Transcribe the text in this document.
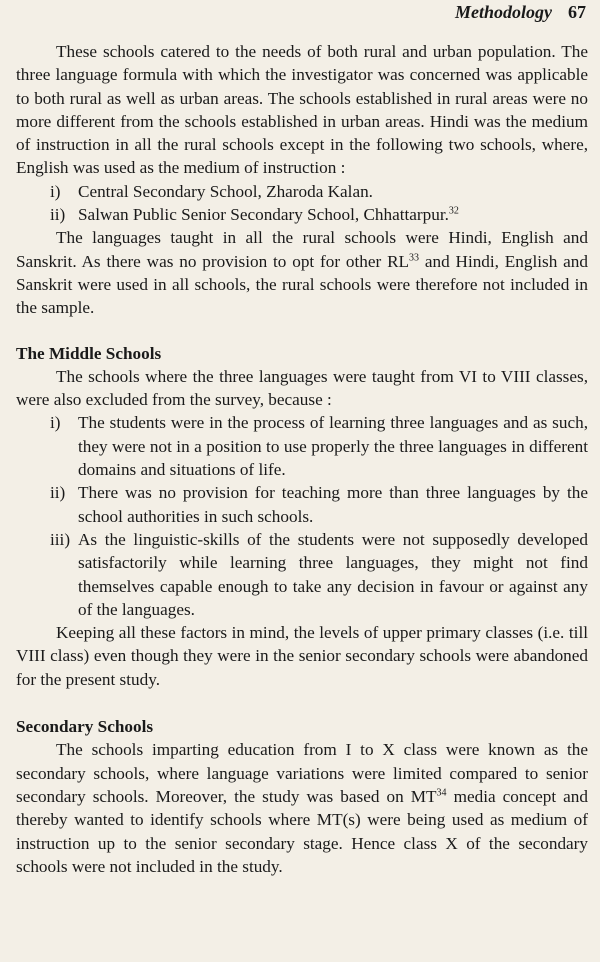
Methodology 67

These schools catered to the needs of both rural and urban population. The three language formula with which the investigator was concerned was applicable to both rural as well as urban areas. The schools established in rural areas were no more different from the schools established in urban areas. Hindi was the medium of instruction in all the rural schools except in the following two schools, where, English was used as the medium of instruction :

i) Central Secondary School, Zharoda Kalan.
ii) Salwan Public Senior Secondary School, Chhattarpur.$^{32}$

The languages taught in all the rural schools were Hindi, English and Sanskrit. As there was no provision to opt for other RL$^{33}$ and Hindi, English and Sanskrit were used in all schools, the rural schools were therefore not included in the sample.

The Middle Schools

The schools where the three languages were taught from VI to VIII classes, were also excluded from the survey, because :

i) The students were in the process of learning three languages and as such, they were not in a position to use properly the three languages in different domains and situations of life.
ii) There was no provision for teaching more than three languages by the school authorities in such schools.
iii) As the linguistic-skills of the students were not supposedly developed satisfactorily while learning three languages, they might not find themselves capable enough to take any decision in favour or against any of the languages.

Keeping all these factors in mind, the levels of upper primary classes (i.e. till VIII class) even though they were in the senior secondary schools were abandoned for the present study.

Secondary Schools

The schools imparting education from I to X class were known as the secondary schools, where language variations were limited compared to senior secondary schools. Moreover, the study was based on MT$^{34}$ media concept and thereby wanted to identify schools where MT(s) were being used as medium of instruction up to the senior secondary stage. Hence class X of the secondary schools were not included in the study.
